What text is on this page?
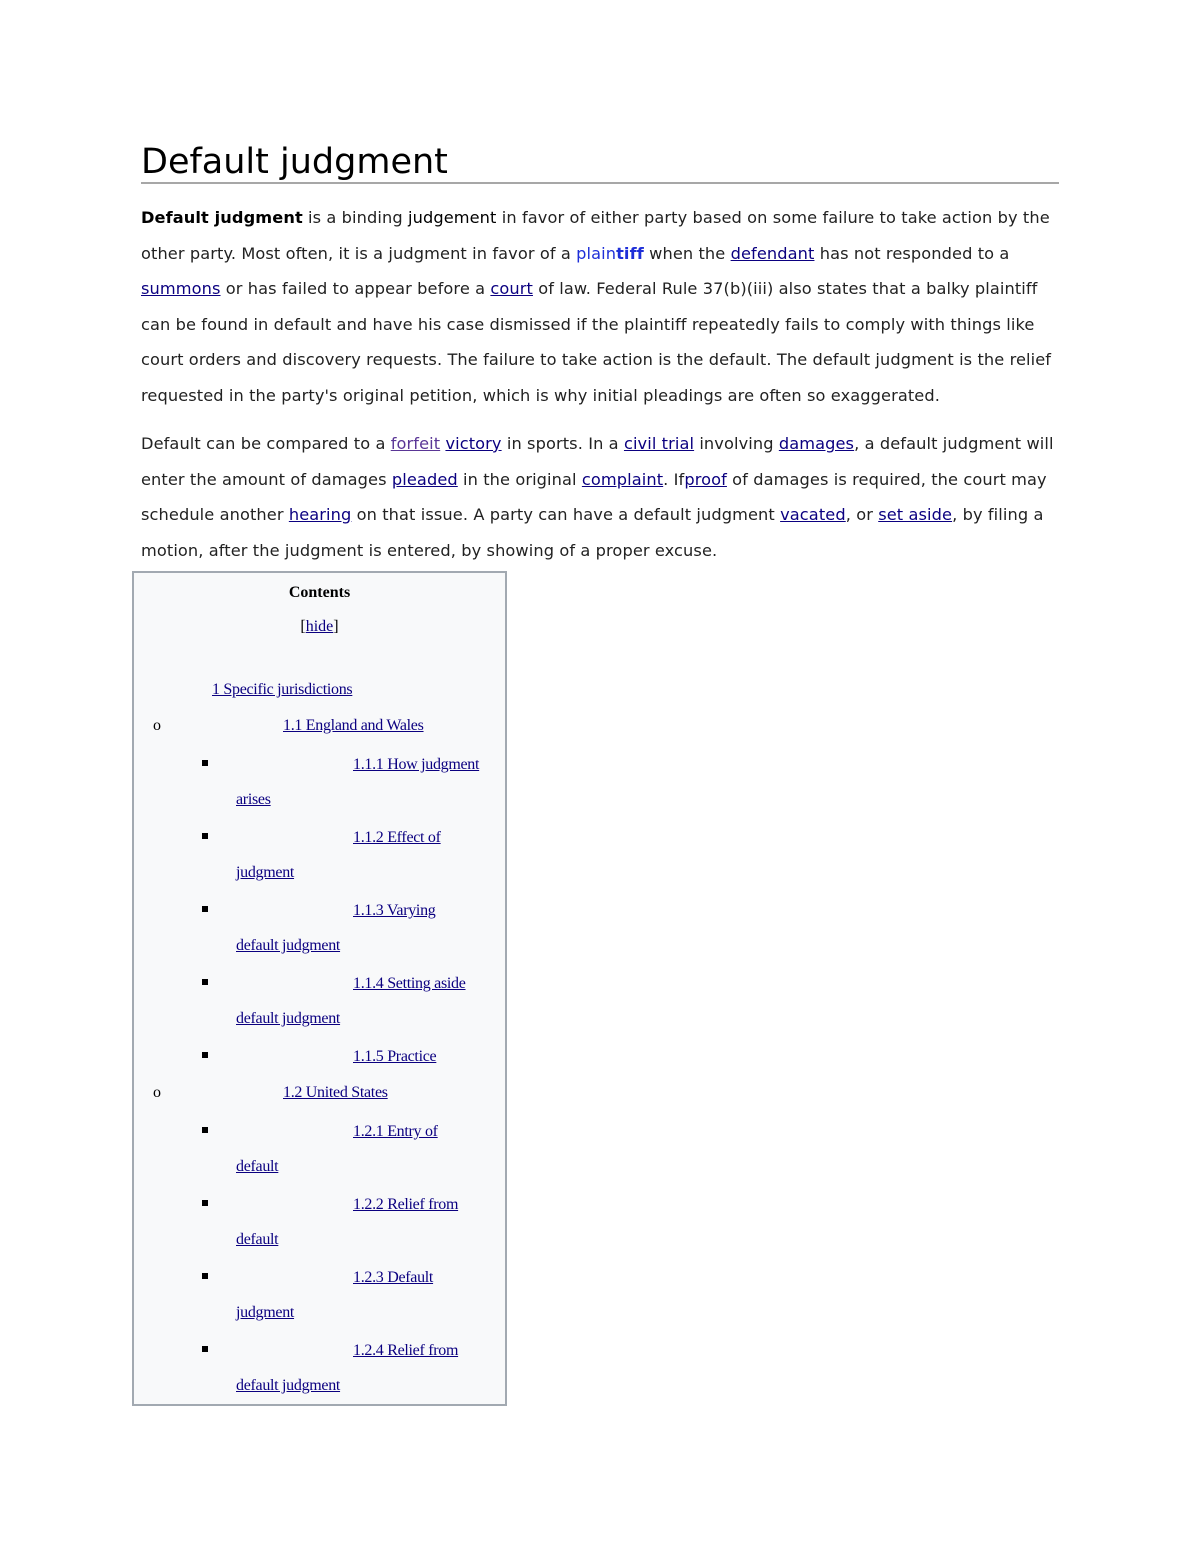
Default judgment

Default judgment is a binding judgement in favor of either party based on some failure to take action by the other party. Most often, it is a judgment in favor of a plaintiff when the defendant has not responded to a summons or has failed to appear before a court of law. Federal Rule 37(b)(iii) also states that a balky plaintiff can be found in default and have his case dismissed if the plaintiff repeatedly fails to comply with things like court orders and discovery requests. The failure to take action is the default. The default judgment is the relief requested in the party's original petition, which is why initial pleadings are often so exaggerated.

Default can be compared to a forfeit victory in sports. In a civil trial involving damages, a default judgment will enter the amount of damages pleaded in the original complaint. Ifproof of damages is required, the court may schedule another hearing on that issue. A party can have a default judgment vacated, or set aside, by filing a motion, after the judgment is entered, by showing of a proper excuse.

Contents
[hide]
1 Specific jurisdictions
o	1.1 England and Wales
1.1.1 How judgment
arises
1.1.2 Effect of
judgment
1.1.3 Varying
default judgment
1.1.4 Setting aside
default judgment
1.1.5 Practice
o	1.2 United States
1.2.1 Entry of
default
1.2.2 Relief from
default
1.2.3 Default
judgment
1.2.4 Relief from
default judgment
